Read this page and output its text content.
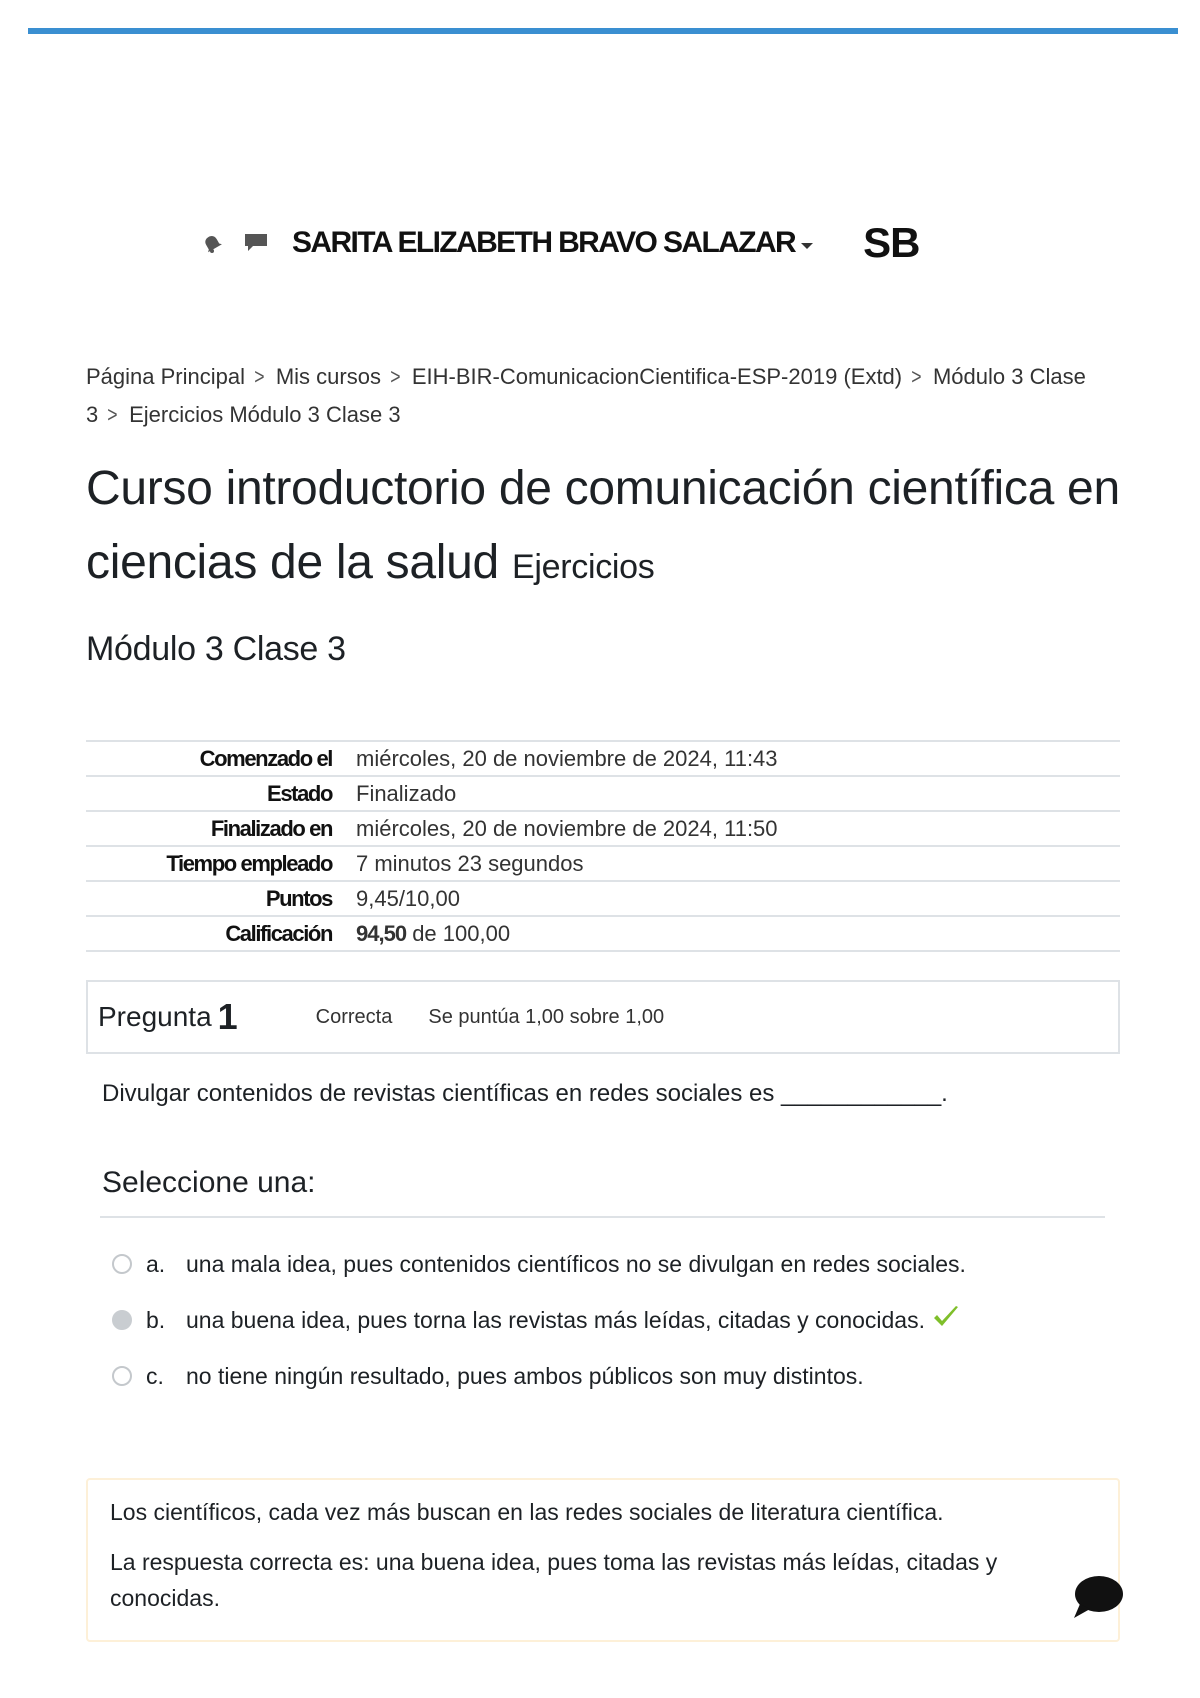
SARITA ELIZABETH BRAVO SALAZAR SB
Página Principal > Mis cursos > EIH-BIR-ComunicacionCientifica-ESP-2019 (Extd) > Módulo 3 Clase 3 > Ejercicios Módulo 3 Clase 3
Curso introductorio de comunicación científica en ciencias de la salud Ejercicios
Módulo 3 Clase 3
Comenzado el	miércoles, 20 de noviembre de 2024, 11:43
Estado	Finalizado
Finalizado en	miércoles, 20 de noviembre de 2024, 11:50
Tiempo empleado	7 minutos 23 segundos
Puntos	9,45/10,00
Calificación	94,50 de 100,00
Pregunta 1	Correcta Se puntúa 1,00 sobre 1,00
Divulgar contenidos de revistas científicas en redes sociales es ____________.
Seleccione una:
a. una mala idea, pues contenidos científicos no se divulgan en redes sociales.
b. una buena idea, pues torna las revistas más leídas, citadas y conocidas.
c. no tiene ningún resultado, pues ambos públicos son muy distintos.

Los científicos, cada vez más buscan en las redes sociales de literatura científica.

La respuesta correcta es: una buena idea, pues toma las revistas más leídas, citadas y conocidas.
